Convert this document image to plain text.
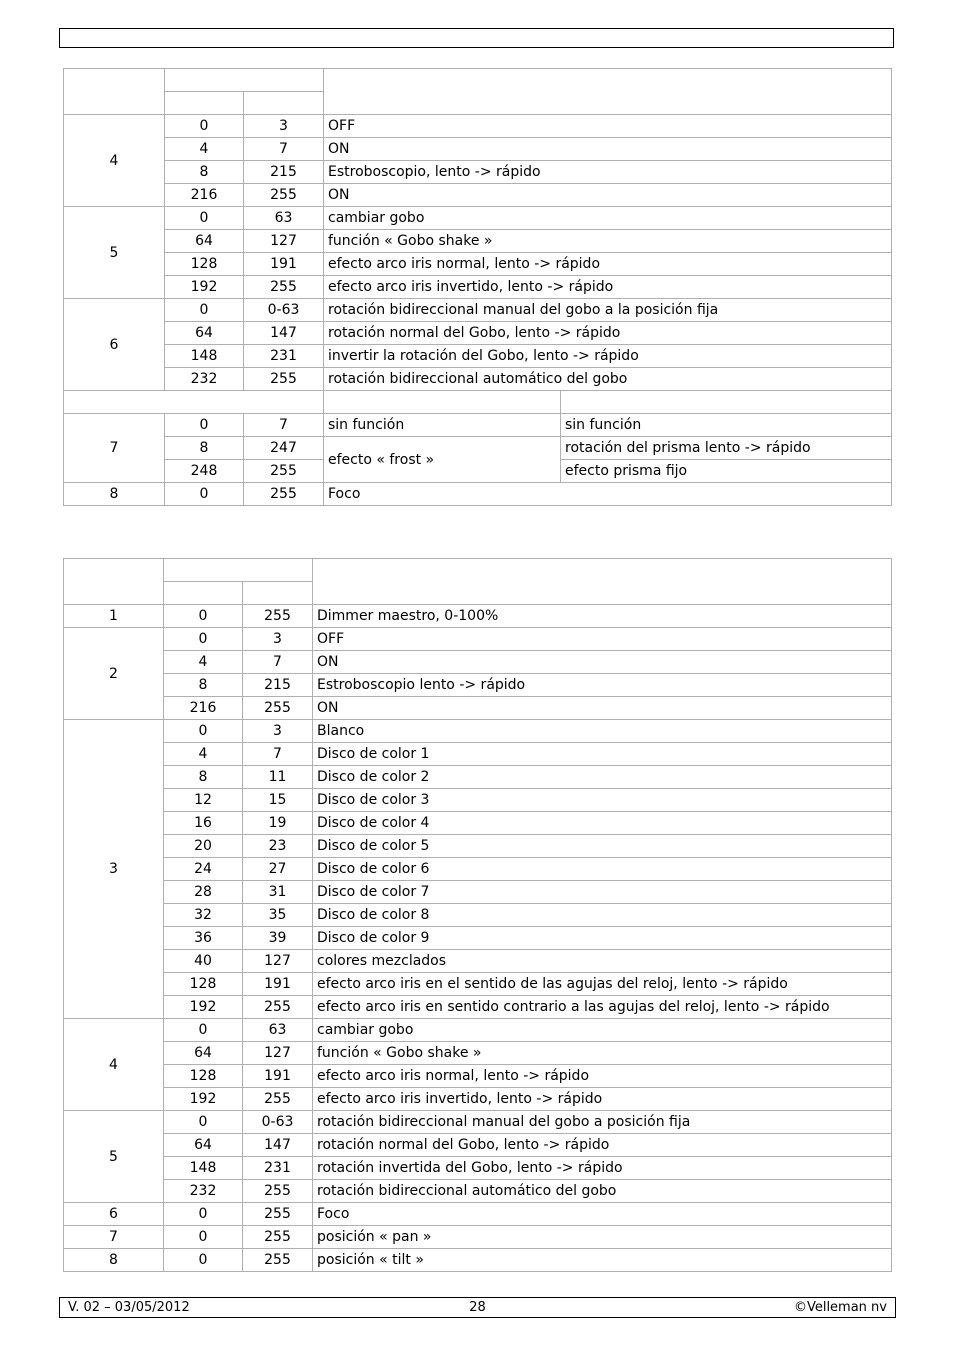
4	0	3	OFF	
	4	7	ON	
	8	215	Estroboscopio, lento -> rápido	
	216	255	ON	
5	0	63	cambiar gobo	
	64	127	función « Gobo shake »	
	128	191	efecto arco iris normal, lento -> rápido	
	192	255	efecto arco iris invertido, lento -> rápido	
6	0	0-63	rotación bidireccional manual del gobo a la posición fija	
	64	147	rotación normal del Gobo, lento -> rápido	
	148	231	invertir la rotación del Gobo, lento -> rápido	
	232	255	rotación bidireccional automático del gobo	

7	0	7	sin función	sin función
	8	247	efecto « frost »	rotación del prisma lento -> rápido
	248	255		efecto prisma fijo
8	0	255	Foco	

1	0	255	Dimmer maestro, 0-100%
2	0	3	OFF
	4	7	ON
	8	215	Estroboscopio lento -> rápido
	216	255	ON
3	0	3	Blanco
	4	7	Disco de color 1
	8	11	Disco de color 2
	12	15	Disco de color 3
	16	19	Disco de color 4
	20	23	Disco de color 5
	24	27	Disco de color 6
	28	31	Disco de color 7
	32	35	Disco de color 8
	36	39	Disco de color 9
	40	127	colores mezclados
	128	191	efecto arco iris en el sentido de las agujas del reloj, lento -> rápido
	192	255	efecto arco iris en sentido contrario a las agujas del reloj, lento -> rápido
4	0	63	cambiar gobo
	64	127	función « Gobo shake »
	128	191	efecto arco iris normal, lento -> rápido
	192	255	efecto arco iris invertido, lento -> rápido
5	0	0-63	rotación bidireccional manual del gobo a posición fija
	64	147	rotación normal del Gobo, lento -> rápido
	148	231	rotación invertida del Gobo, lento -> rápido
	232	255	rotación bidireccional automático del gobo
6	0	255	Foco
7	0	255	posición « pan »
8	0	255	posición « tilt »
V. 02 – 03/05/2012	28	©Velleman nv
